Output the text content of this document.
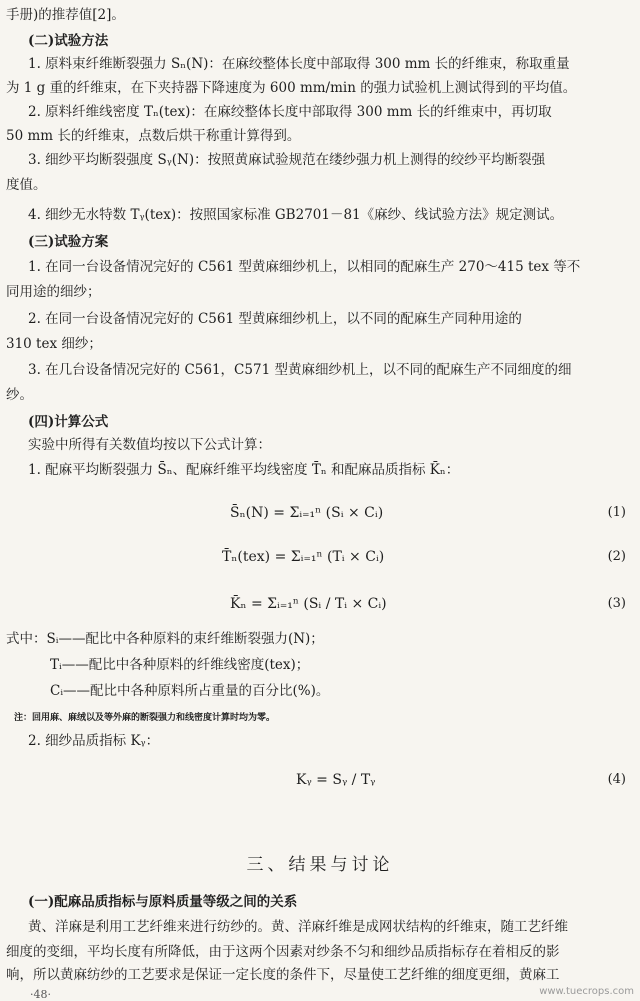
手册)的推荐值[2]。
(二)试验方法
1. 原料束纤维断裂强力 Sₙ(N)：在麻绞整体长度中部取得 300 mm 长的纤维束，称取重量
为 1 g 重的纤维束，在下夹持器下降速度为 600 mm/min 的强力试验机上测试得到的平均值。
2. 原料纤维线密度 Tₙ(tex)：在麻绞整体长度中部取得 300 mm 长的纤维束中，再切取
50 mm 长的纤维束，点数后烘干称重计算得到。
3. 细纱平均断裂强度 Sᵧ(N)：按照黄麻试验规范在缕纱强力机上测得的绞纱平均断裂强
度值。
4. 细纱无水特数 Tᵧ(tex)：按照国家标准 GB2701－81《麻纱、线试验方法》规定测试。
(三)试验方案
1. 在同一台设备情况完好的 C561 型黄麻细纱机上，以相同的配麻生产 270～415 tex 等不
同用途的细纱；
2. 在同一台设备情况完好的 C561 型黄麻细纱机上，以不同的配麻生产同种用途的
310 tex 细纱；
3. 在几台设备情况完好的 C561，C571 型黄麻细纱机上，以不同的配麻生产不同细度的细
纱。
(四)计算公式
实验中所得有关数值均按以下公式计算：
1. 配麻平均断裂强力 S̄ₙ、配麻纤维平均线密度 T̄ₙ 和配麻品质指标 K̄ₙ：
S̄ₙ(N) = Σᵢ₌₁ⁿ (Sᵢ × Cᵢ)	(1)
T̄ₙ(tex) = Σᵢ₌₁ⁿ (Tᵢ × Cᵢ)	(2)
K̄ₙ = Σᵢ₌₁ⁿ (Sᵢ / Tᵢ × Cᵢ)	(3)
式中：Sᵢ——配比中各种原料的束纤维断裂强力(N)；
Tᵢ——配比中各种原料的纤维线密度(tex)；
Cᵢ——配比中各种原料所占重量的百分比(%)。
注：回用麻、麻绒以及等外麻的断裂强力和线密度计算时均为零。
2. 细纱品质指标 Kᵧ：
Kᵧ = Sᵧ / Tᵧ	(4)
三、结果与讨论
(一)配麻品质指标与原料质量等级之间的关系
黄、洋麻是利用工艺纤维来进行纺纱的。黄、洋麻纤维是成网状结构的纤维束，随工艺纤维
细度的变细，平均长度有所降低，由于这两个因素对纱条不匀和细纱品质指标存在着相反的影
响，所以黄麻纺纱的工艺要求是保证一定长度的条件下，尽量使工艺纤维的细度更细，黄麻工
·48·	www.tuecrops.com
